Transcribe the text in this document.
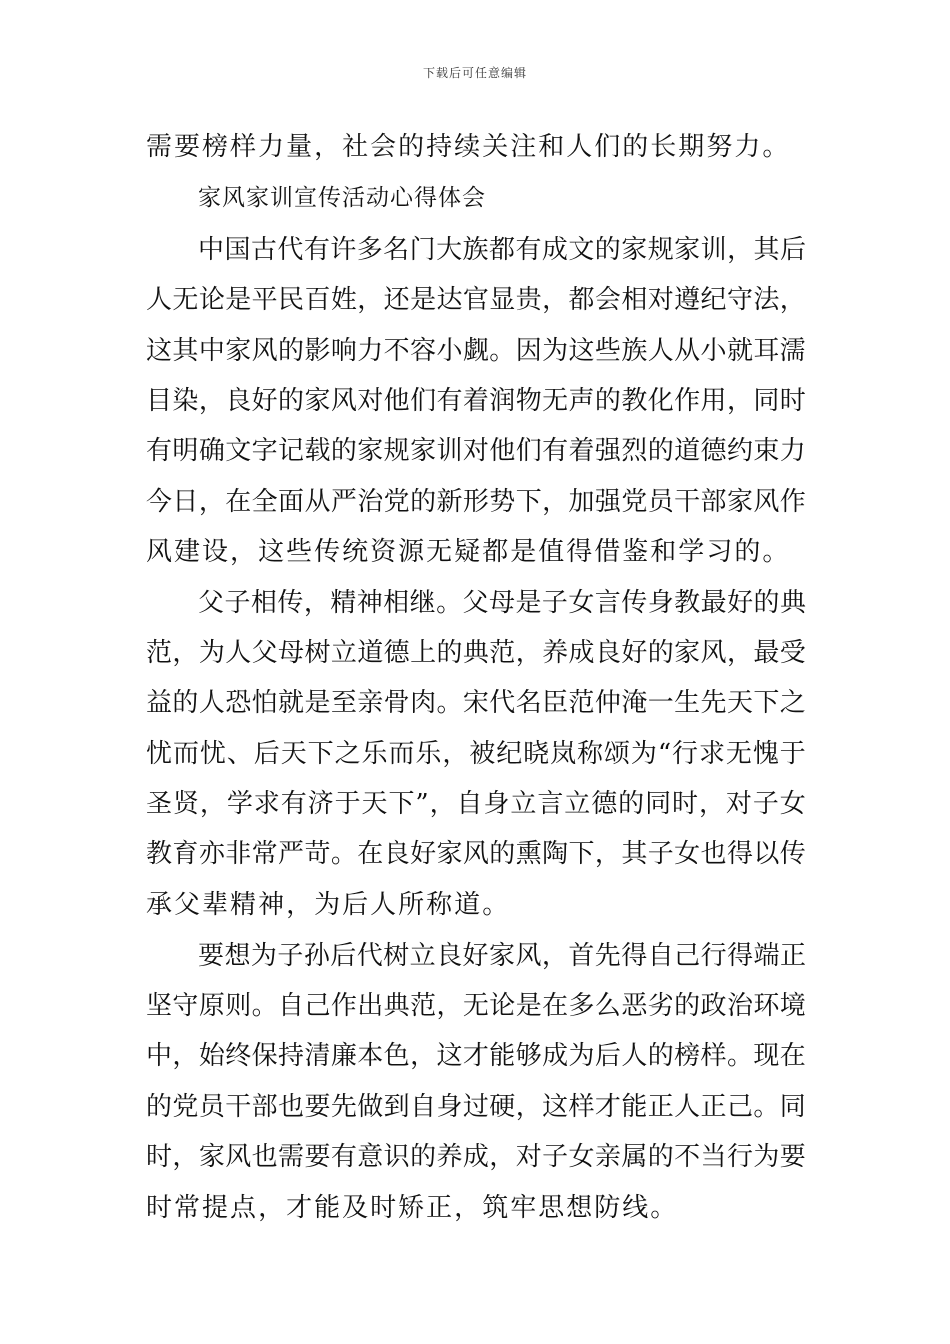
下载后可任意编辑
需要榜样力量，社会的持续关注和人们的长期努力。
家风家训宣传活动心得体会
中 国 古 代 有 许 多 名 门 大 族 都 有 成 文 的 家 规 家 训 ， 其 后
人 无 论 是 平 民 百 姓 ， 还 是 达 官 显 贵 ， 都 会 相 对 遵 纪 守 法 ，
这 其 中 家 风 的 影 响 力 不 容 小 觑 。 因 为 这 些 族 人 从 小 就 耳 濡
目 染 ， 良 好 的 家 风 对 他 们 有 着 润 物 无 声 的 教 化 作 用 ， 同 时
有 明 确 文 字 记 载 的 家 规 家 训 对 他 们 有 着 强 烈 的 道 德 约 束 力
今 日 ， 在 全 面 从 严 治 党 的 新 形 势 下 ， 加 强 党 员 干 部 家 风 作
风建设，这些传统资源无疑都是值得借鉴和学习的。
父 子 相 传 ， 精 神 相 继 。 父 母 是 子 女 言 传 身 教 最 好 的 典
范 ， 为 人 父 母 树 立 道 德 上 的 典 范 ， 养 成 良 好 的 家 风 ， 最 受
益 的 人 恐 怕 就 是 至 亲 骨 肉 。 宋 代 名 臣 范 仲 淹 一 生 先 天 下 之
忧 而 忧 、 后 天 下 之 乐 而 乐 ， 被 纪 晓 岚 称 颂 为 “ 行 求 无 愧 于
圣 贤 ， 学 求 有 济 于 天 下 ” ， 自 身 立 言 立 德 的 同 时 ， 对 子 女
教 育 亦 非 常 严 苛 。 在 良 好 家 风 的 熏 陶 下 ， 其 子 女 也 得 以 传
承父辈精神，为后人所称道。
要 想 为 子 孙 后 代 树 立 良 好 家 风 ， 首 先 得 自 己 行 得 端 正
坚 守 原 则 。 自 己 作 出 典 范 ， 无 论 是 在 多 么 恶 劣 的 政 治 环 境
中 ， 始 终 保 持 清 廉 本 色 ， 这 才 能 够 成 为 后 人 的 榜 样 。 现 在
的 党 员 干 部 也 要 先 做 到 自 身 过 硬 ， 这 样 才 能 正 人 正 己 。 同
时 ， 家 风 也 需 要 有 意 识 的 养 成 ， 对 子 女 亲 属 的 不 当 行 为 要
时常提点，才能及时矫正，筑牢思想防线。
